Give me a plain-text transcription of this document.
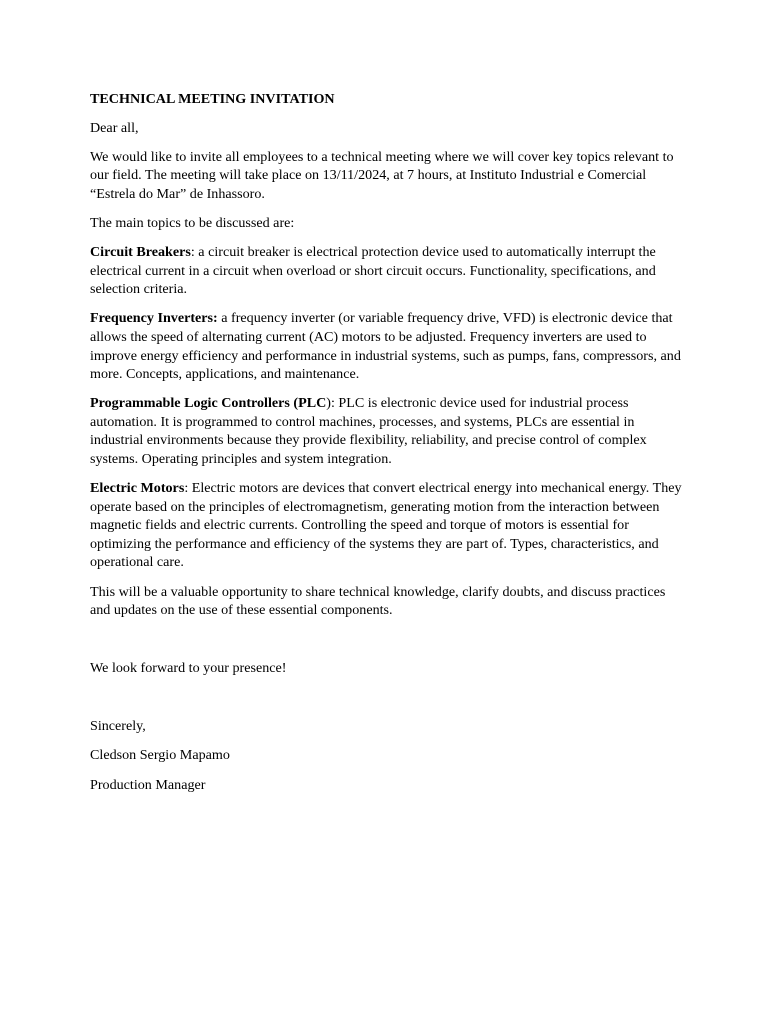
TECHNICAL MEETING INVITATION

Dear all,

We would like to invite all employees to a technical meeting where we will cover key topics relevant to our field. The meeting will take place on 13/11/2024, at 7 hours, at Instituto Industrial e Comercial “Estrela do Mar” de Inhassoro.

The main topics to be discussed are:

Circuit Breakers: a circuit breaker is electrical protection device used to automatically interrupt the electrical current in a circuit when overload or short circuit occurs. Functionality, specifications, and selection criteria.

Frequency Inverters: a frequency inverter (or variable frequency drive, VFD) is electronic device that allows the speed of alternating current (AC) motors to be adjusted. Frequency inverters are used to improve energy efficiency and performance in industrial systems, such as pumps, fans, compressors, and more. Concepts, applications, and maintenance.

Programmable Logic Controllers (PLC): PLC is electronic device used for industrial process automation. It is programmed to control machines, processes, and systems, PLCs are essential in industrial environments because they provide flexibility, reliability, and precise control of complex systems. Operating principles and system integration.

Electric Motors: Electric motors are devices that convert electrical energy into mechanical energy. They operate based on the principles of electromagnetism, generating motion from the interaction between magnetic fields and electric currents. Controlling the speed and torque of motors is essential for optimizing the performance and efficiency of the systems they are part of. Types, characteristics, and operational care.

This will be a valuable opportunity to share technical knowledge, clarify doubts, and discuss practices and updates on the use of these essential components.

We look forward to your presence!

Sincerely,

Cledson Sergio Mapamo

Production Manager
